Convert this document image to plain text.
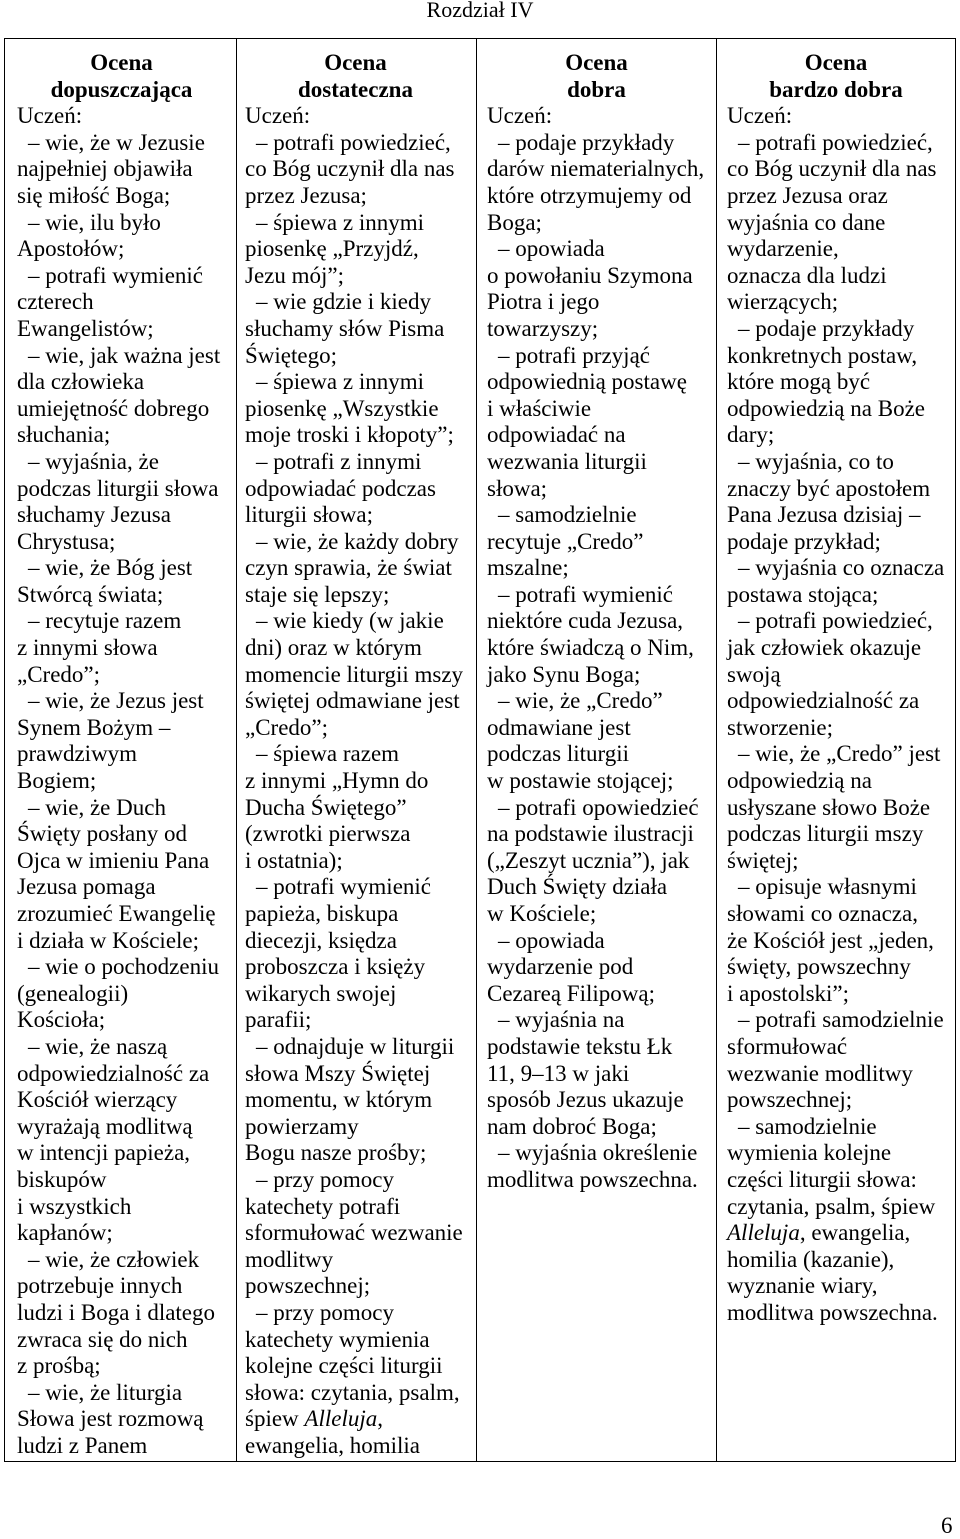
Rozdział IV
Ocena
dopuszczająca
Uczeń:
– wie, że w Jezusie
najpełniej objawiła
się miłość Boga;
– wie, ilu było
Apostołów;
– potrafi wymienić
czterech
Ewangelistów;
– wie, jak ważna jest
dla człowieka
umiejętność dobrego
słuchania;
– wyjaśnia, że
podczas liturgii słowa
słuchamy Jezusa
Chrystusa;
– wie, że Bóg jest
Stwórcą świata;
– recytuje razem
z innymi słowa
„Credo”;
– wie, że Jezus jest
Synem Bożym –
prawdziwym
Bogiem;
– wie, że Duch
Święty posłany od
Ojca w imieniu Pana
Jezusa pomaga
zrozumieć Ewangelię
i działa w Kościele;
– wie o pochodzeniu
(genealogii)
Kościoła;
– wie, że naszą
odpowiedzialność za
Kościół wierzący
wyrażają modlitwą
w intencji papieża,
biskupów
i wszystkich
kapłanów;
– wie, że człowiek
potrzebuje innych
ludzi i Boga i dlatego
zwraca się do nich
z prośbą;
– wie, że liturgia
Słowa jest rozmową
ludzi z Panem
Ocena
dostateczna
Uczeń:
– potrafi powiedzieć,
co Bóg uczynił dla nas
przez Jezusa;
– śpiewa z innymi
piosenkę „Przyjdź,
Jezu mój”;
– wie gdzie i kiedy
słuchamy słów Pisma
Świętego;
– śpiewa z innymi
piosenkę „Wszystkie
moje troski i kłopoty”;
– potrafi z innymi
odpowiadać podczas
liturgii słowa;
– wie, że każdy dobry
czyn sprawia, że świat
staje się lepszy;
– wie kiedy (w jakie
dni) oraz w którym
momencie liturgii mszy
świętej odmawiane jest
„Credo”;
– śpiewa razem
z innymi „Hymn do
Ducha Świętego”
(zwrotki pierwsza
i ostatnia);
– potrafi wymienić
papieża, biskupa
diecezji, księdza
proboszcza i księży
wikarych swojej
parafii;
– odnajduje w liturgii
słowa Mszy Świętej
momentu, w którym
powierzamy
Bogu nasze prośby;
– przy pomocy
katechety potrafi
sformułować wezwanie
modlitwy
powszechnej;
– przy pomocy
katechety wymienia
kolejne części liturgii
słowa: czytania, psalm,
śpiew Alleluja,
ewangelia, homilia
Ocena
dobra
Uczeń:
– podaje przykłady
darów niematerialnych,
które otrzymujemy od
Boga;
– opowiada
o powołaniu Szymona
Piotra i jego
towarzyszy;
– potrafi przyjąć
odpowiednią postawę
i właściwie
odpowiadać na
wezwania liturgii
słowa;
– samodzielnie
recytuje „Credo”
mszalne;
– potrafi wymienić
niektóre cuda Jezusa,
które świadczą o Nim,
jako Synu Boga;
– wie, że „Credo”
odmawiane jest
podczas liturgii
w postawie stojącej;
– potrafi opowiedzieć
na podstawie ilustracji
(„Zeszyt ucznia”), jak
Duch Święty działa
w Kościele;
– opowiada
wydarzenie pod
Cezareą Filipową;
– wyjaśnia na
podstawie tekstu Łk
11, 9–13 w jaki
sposób Jezus ukazuje
nam dobroć Boga;
– wyjaśnia określenie
modlitwa powszechna.
Ocena
bardzo dobra
Uczeń:
– potrafi powiedzieć,
co Bóg uczynił dla nas
przez Jezusa oraz
wyjaśnia co dane
wydarzenie,
oznacza dla ludzi
wierzących;
– podaje przykłady
konkretnych postaw,
które mogą być
odpowiedzią na Boże
dary;
– wyjaśnia, co to
znaczy być apostołem
Pana Jezusa dzisiaj –
podaje przykład;
– wyjaśnia co oznacza
postawa stojąca;
– potrafi powiedzieć,
jak człowiek okazuje
swoją
odpowiedzialność za
stworzenie;
– wie, że „Credo” jest
odpowiedzią na
usłyszane słowo Boże
podczas liturgii mszy
świętej;
– opisuje własnymi
słowami co oznacza,
że Kościół jest „jeden,
święty, powszechny
i apostolski”;
– potrafi samodzielnie
sformułować
wezwanie modlitwy
powszechnej;
– samodzielnie
wymienia kolejne
części liturgii słowa:
czytania, psalm, śpiew
Alleluja, ewangelia,
homilia (kazanie),
wyznanie wiary,
modlitwa powszechna.
6
